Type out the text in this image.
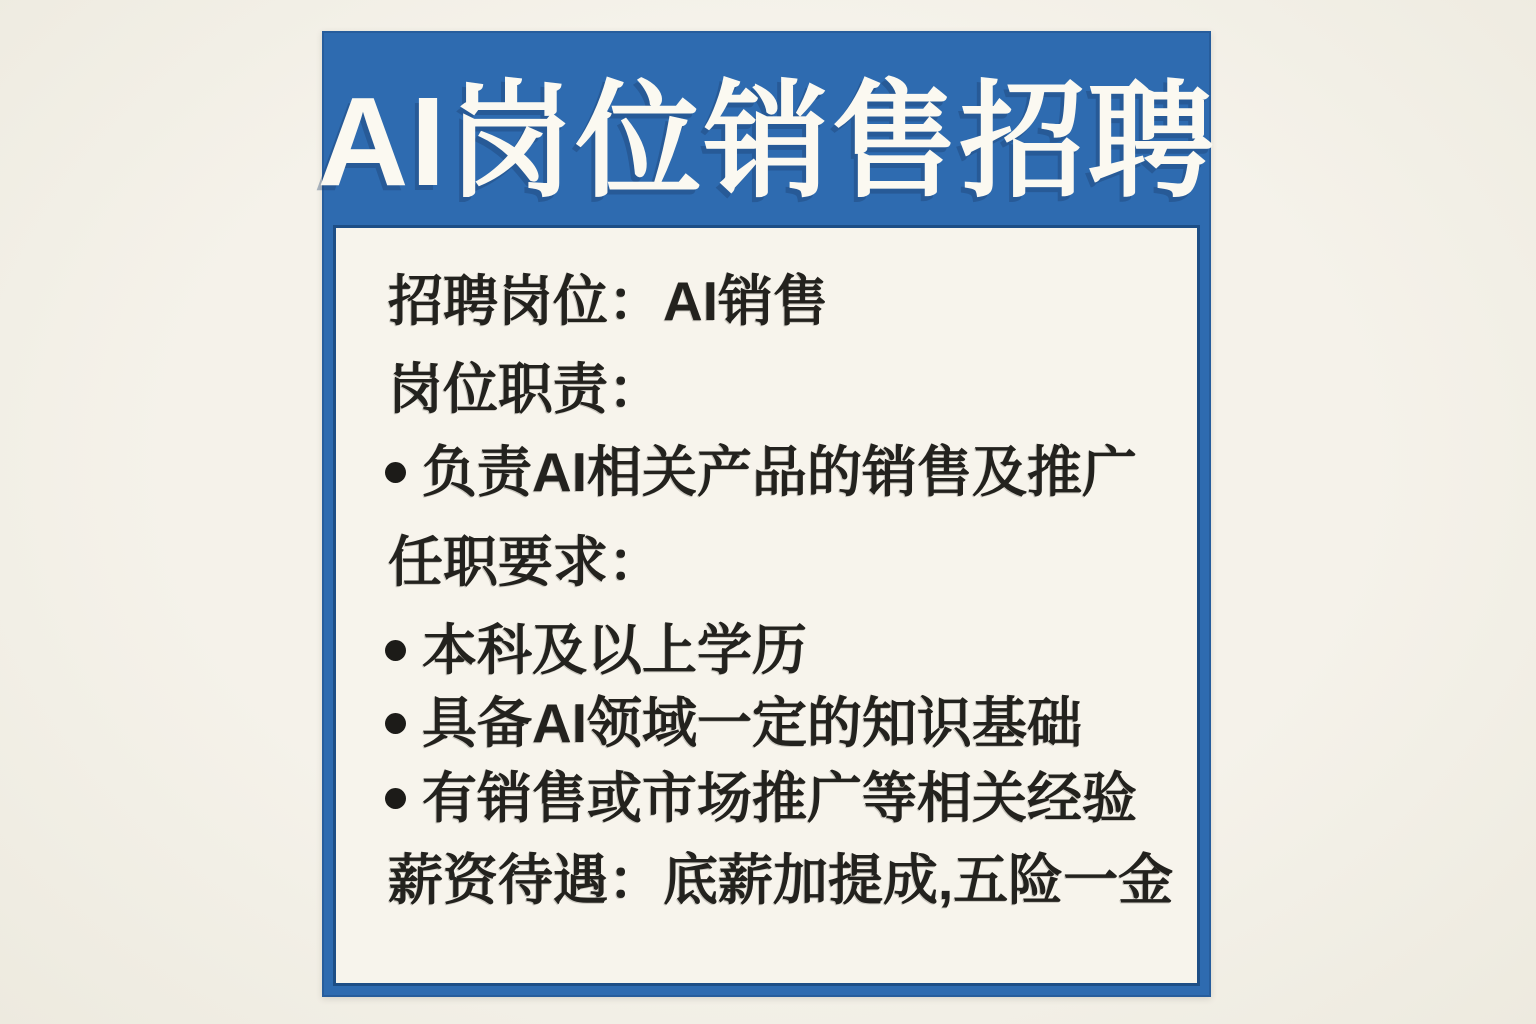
AI岗位销售招聘
招聘岗位：AI销售
岗位职责：
负责AI相关产品的销售及推广
任职要求：
本科及以上学历
具备AI领域一定的知识基础
有销售或市场推广等相关经验
薪资待遇：底薪加提成,五险一金
